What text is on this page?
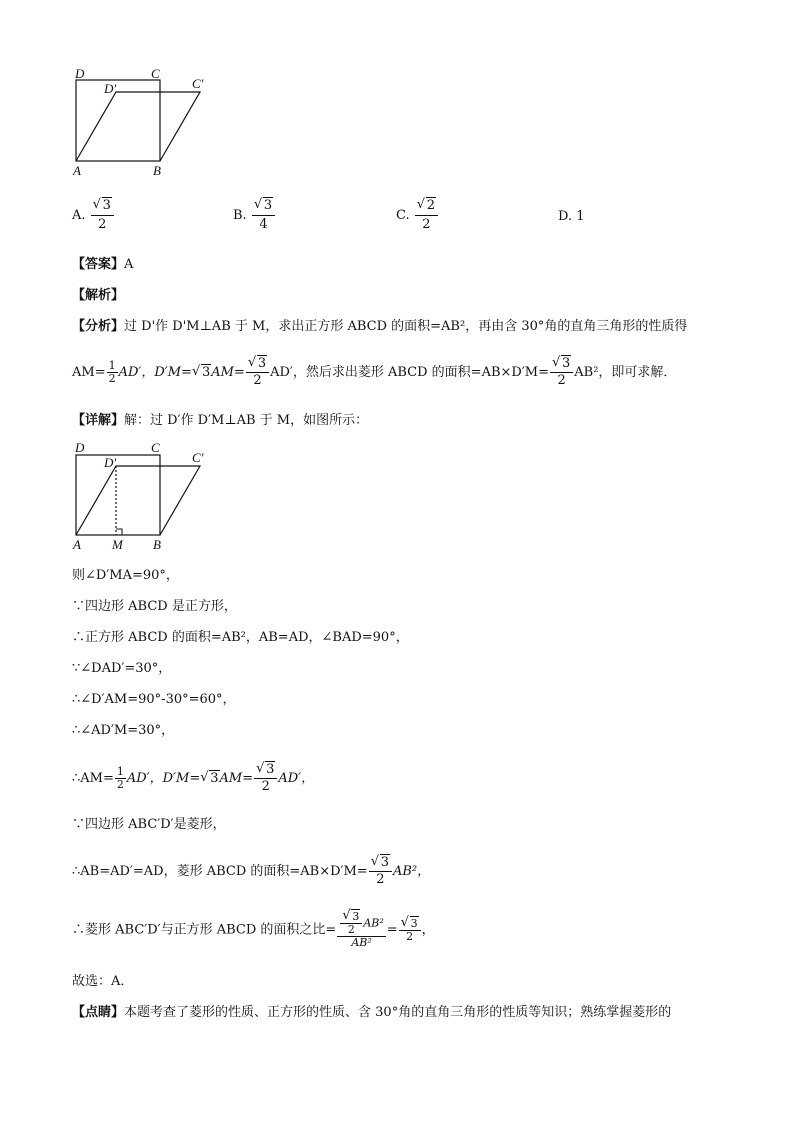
D	C
D′	C′
A	B
A. √ $\frac{3}{2}$	B. √ $\frac{3}{4}$	C. √ $\frac{2}{2}$	D. 1
【答案】A
【解析】
【分析】过 D'作 D'M⊥AB 于 M，求出正方形 ABCD 的面积=AB²，再由含 30°角的直角三角形的性质得
$AM= \frac{1}{2} AD'$，D′M= √ 3AM= √ $\frac{3}{2} AD'$，然后求出菱形 ABCD 的面积=AB×D′M= √ $\frac{3}{2} AB^2$，即可求解．
【详解】解：过 D′作 D′M⊥AB 于 M，如图所示：
D	C
D′	C′
A M B
则∠D′MA=90°，
∵四边形 ABCD 是正方形，
∴正方形 ABCD 的面积=AB²，AB=AD，∠BAD=90°，
∵∠DAD′=30°，
∴∠D′AM=90°-30°=60°，
∴∠AD′M=30°，
∴AM= $\frac{1}{2} AD'$，D′M= √ 3AM= √ $\frac{3}{2} AD'$，
∵四边形 ABC′D′是菱形，
∴AB=AD′=AD，菱形 ABCD 的面积=AB×D′M= √ $\frac{3}{2} AB^2$，
∴菱形 ABC′D′与正方形 ABCD 的面积之比= √ $\frac{\frac{3}{2} AB^2}{\text{AB²}}$ = √ $\frac{3}{2}$ ，
故选：A．
【点睛】本题考查了菱形的性质、正方形的性质、含 30°角的直角三角形的性质等知识；熟练掌握菱形的
